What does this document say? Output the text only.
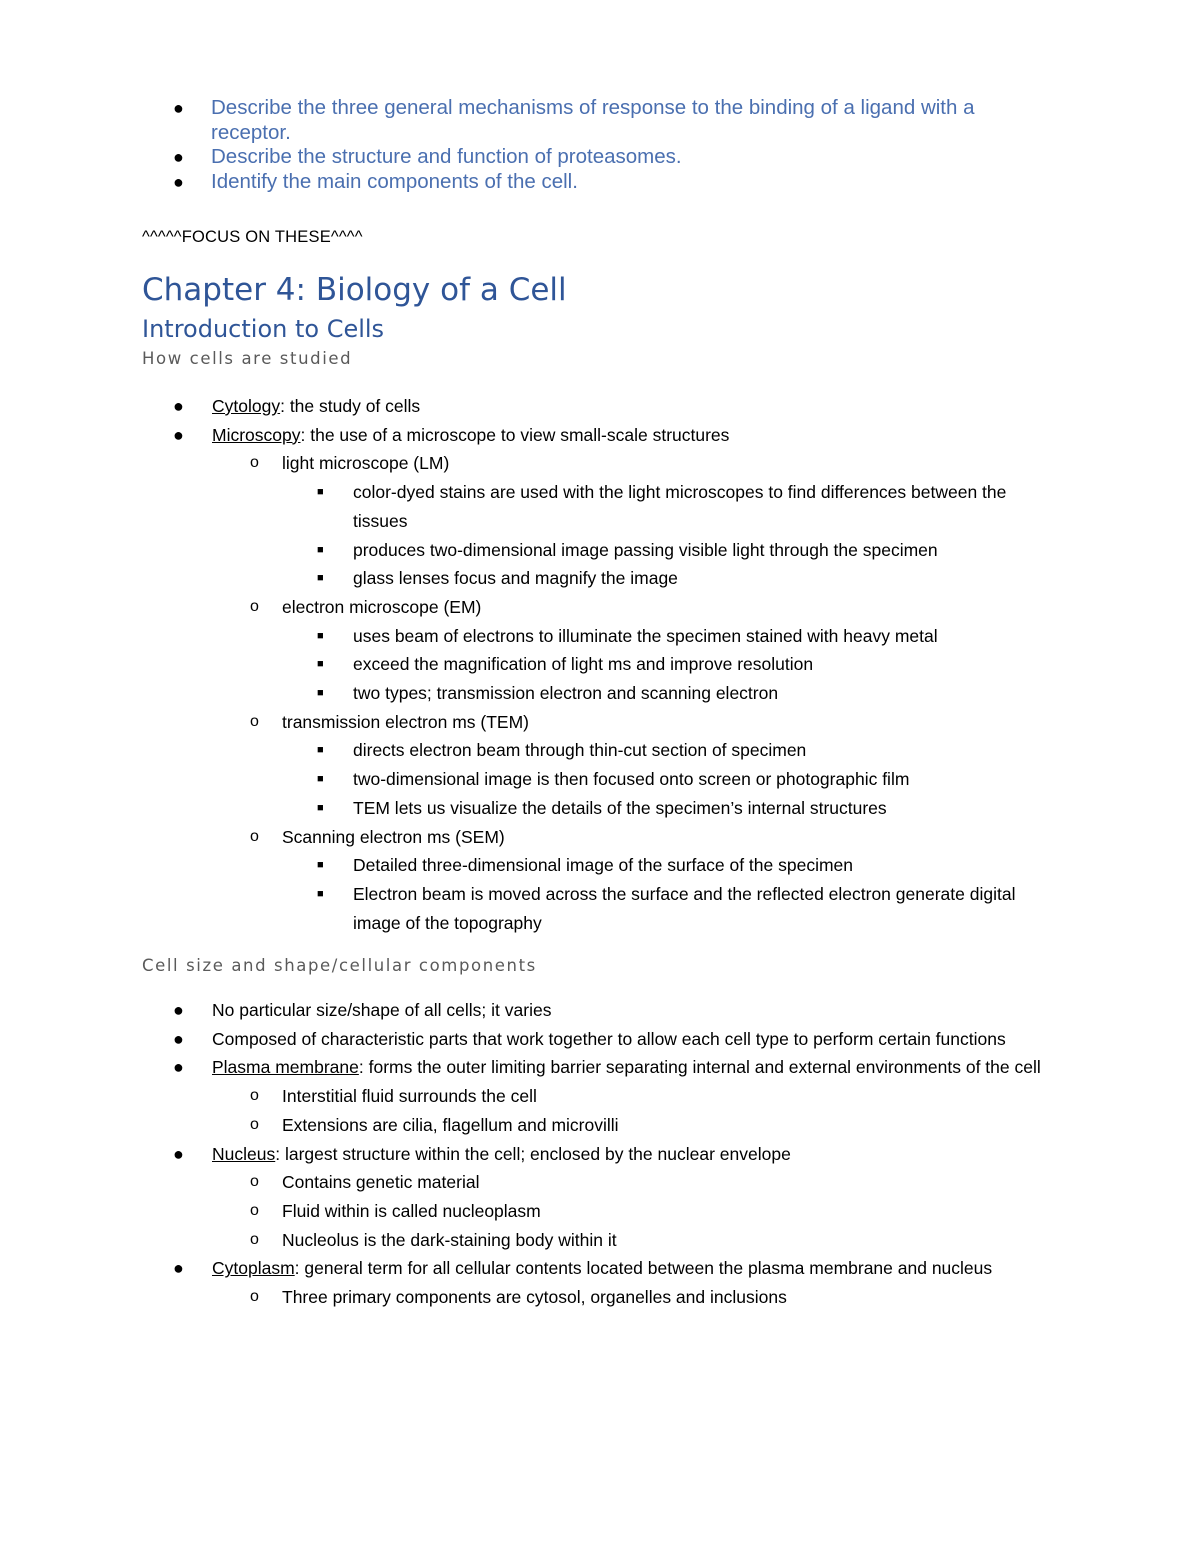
● Describe the three general mechanisms of response to the binding of a ligand with a receptor.
● Describe the structure and function of proteasomes.
● Identify the main components of the cell.
^^^^^FOCUS ON THESE^^^^
Chapter 4: Biology of a Cell
Introduction to Cells
How cells are studied
● Cytology: the study of cells
● Microscopy: the use of a microscope to view small-scale structures
o light microscope (LM)
■ color-dyed stains are used with the light microscopes to find differences between the tissues
■ produces two-dimensional image passing visible light through the specimen
■ glass lenses focus and magnify the image
o electron microscope (EM)
■ uses beam of electrons to illuminate the specimen stained with heavy metal
■ exceed the magnification of light ms and improve resolution
■ two types; transmission electron and scanning electron
o transmission electron ms (TEM)
■ directs electron beam through thin-cut section of specimen
■ two-dimensional image is then focused onto screen or photographic film
■ TEM lets us visualize the details of the specimen’s internal structures
o Scanning electron ms (SEM)
■ Detailed three-dimensional image of the surface of the specimen
■ Electron beam is moved across the surface and the reflected electron generate digital image of the topography
Cell size and shape/cellular components
● No particular size/shape of all cells; it varies
● Composed of characteristic parts that work together to allow each cell type to perform certain functions
● Plasma membrane: forms the outer limiting barrier separating internal and external environments of the cell
o Interstitial fluid surrounds the cell
o Extensions are cilia, flagellum and microvilli
● Nucleus: largest structure within the cell; enclosed by the nuclear envelope
o Contains genetic material
o Fluid within is called nucleoplasm
o Nucleolus is the dark-staining body within it
● Cytoplasm: general term for all cellular contents located between the plasma membrane and nucleus
o Three primary components are cytosol, organelles and inclusions
